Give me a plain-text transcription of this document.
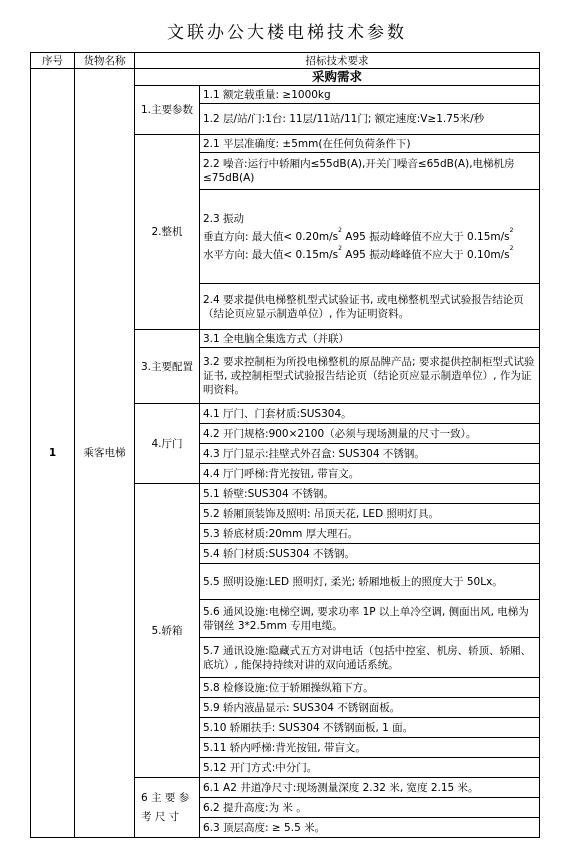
文联办公大楼电梯技术参数
序号	货物名称	招标技术要求	
1	乘客电梯	采购需求	
		1.主要参数	1.1 额定载重量: ≥1000kg
			1.2 层/站/门:1台: 11层/11站/11门; 额定速度:V≥1.75米/秒
		2.整机	2.1 平层准确度: ±5mm(在任何负荷条件下)
			2.2 噪音:运行中轿厢内≤55dB(A),开关门噪音≤65dB(A),电梯机房≤75dB(A)

			2.3 振动
垂直方向: 最大值< $0.20m/s^2$ A95 振动峰峰值不应大于 $0.15m/s^2$
水平方向: 最大值< $0.15m/s^2$ A95 振动峰峰值不应大于 $0.10m/s^2$

			2.4 要求提供电梯整机型式试验证书, 或电梯整机型式试验报告结论页（结论页应显示制造单位）, 作为证明资料。
		3.主要配置	3.1 全电脑全集选方式（并联）
			3.2 要求控制柜为所投电梯整机的原品牌产品; 要求提供控制柜型式试验证书, 或控制柜型式试验报告结论页（结论页应显示制造单位）, 作为证明资料。
		4.厅门	4.1 厅门、门套材质:SUS304。
			4.2 开门规格:900×2100（必须与现场测量的尺寸一致）。
			4.3 厅门显示:挂壁式外召盒: SUS304 不锈钢。
			4.4 厅门呼梯:背光按钮, 带盲文。
		5.轿箱	5.1 轿壁:SUS304 不锈钢。
			5.2 轿厢顶装饰及照明: 吊顶天花, LED 照明灯具。
			5.3 轿底材质:20mm 厚大理石。
			5.4 轿门材质:SUS304 不锈钢。
			5.5 照明设施:LED 照明灯, 柔光; 轿厢地板上的照度大于 50Lx。
			5.6 通风设施:电梯空调, 要求功率 1P 以上单冷空调, 侧面出风, 电梯为带钢丝 3*2.5mm 专用电缆。
			5.7 通讯设施:隐藏式五方对讲电话（包括中控室、机房、轿顶、轿厢、底坑）, 能保持持续对讲的双向通话系统。
			5.8 检修设施:位于轿厢操纵箱下方。
			5.9 轿内液晶显示: SUS304 不锈钢面板。
			5.10 轿厢扶手: SUS304 不锈钢面板, 1 面。
			5.11 轿内呼梯:背光按钮, 带盲文。
			5.12 开门方式:中分门。
		6 主 要 参 考 尺 寸	6.1 A2 井道净尺寸:现场测量深度 2.32 米, 宽度 2.15 米。
			6.2 提升高度:为 米 。
			6.3 顶层高度: ≥ 5.5 米。
